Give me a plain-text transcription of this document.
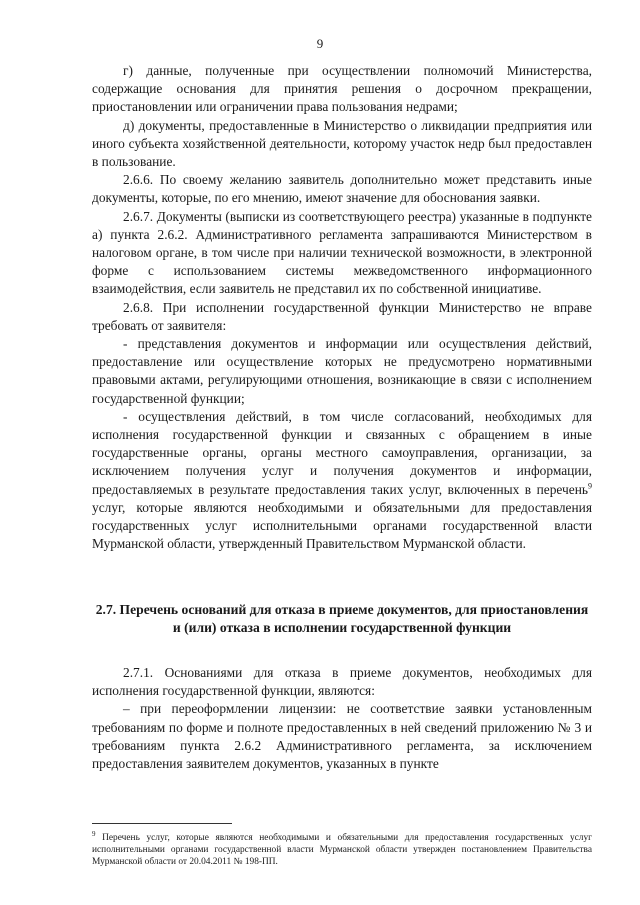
9

г) данные, полученные при осуществлении полномочий Министерства, содержащие основания для принятия решения о досрочном прекращении, приостановлении или ограничении права пользования недрами;

д) документы, предоставленные в Министерство о ликвидации предприятия или иного субъекта хозяйственной деятельности, которому участок недр был предоставлен в пользование.

2.6.6. По своему желанию заявитель дополнительно может представить иные документы, которые, по его мнению, имеют значение для обоснования заявки.

2.6.7. Документы (выписки из соответствующего реестра) указанные в подпункте а) пункта 2.6.2. Административного регламента запрашиваются Министерством в налоговом органе, в том числе при наличии технической возможности, в электронной форме с использованием системы межведомственного информационного взаимодействия, если заявитель не представил их по собственной инициативе.

2.6.8. При исполнении государственной функции Министерство не вправе требовать от заявителя:

- представления документов и информации или осуществления действий, предоставление или осуществление которых не предусмотрено нормативными правовыми актами, регулирующими отношения, возникающие в связи с исполнением государственной функции;

- осуществления действий, в том числе согласований, необходимых для исполнения государственной функции и связанных с обращением в иные государственные органы, органы местного самоуправления, организации, за исключением получения услуг и получения документов и информации, предоставляемых в результате предоставления таких услуг, включенных в перечень$^9$ услуг, которые являются необходимыми и обязательными для предоставления государственных услуг исполнительными органами государственной власти Мурманской области, утвержденный Правительством Мурманской области.

2.7. Перечень оснований для отказа в приеме документов, для приостановления и (или) отказа в исполнении государственной функции

2.7.1. Основаниями для отказа в приеме документов, необходимых для исполнения государственной функции, являются:

– при переоформлении лицензии: не соответствие заявки установленным требованиям по форме и полноте предоставленных в ней сведений приложению № 3 и требованиям пункта 2.6.2 Административного регламента, за исключением предоставления заявителем документов, указанных в пункте

$^9$ Перечень услуг, которые являются необходимыми и обязательными для предоставления государственных услуг исполнительными органами государственной власти Мурманской области утвержден постановлением Правительства Мурманской области от 20.04.2011 № 198-ПП.
